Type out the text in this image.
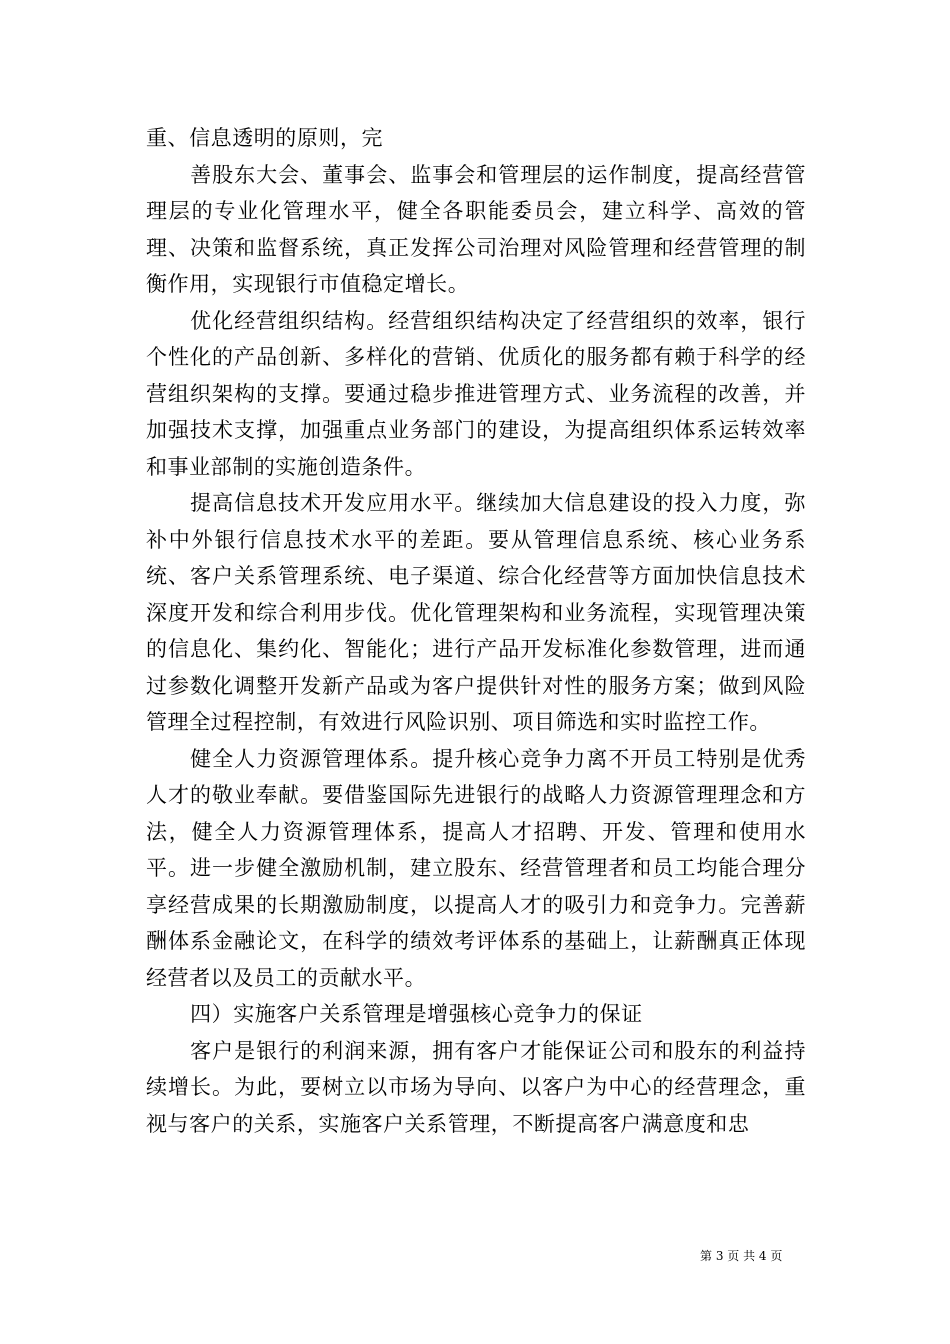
重、信息透明的原则，完

善股东大会、董事会、监事会和管理层的运作制度，提高经营管理层的专业化管理水平，健全各职能委员会，建立科学、高效的管理、决策和监督系统，真正发挥公司治理对风险管理和经营管理的制衡作用，实现银行市值稳定增长。

优化经营组织结构。经营组织结构决定了经营组织的效率，银行个性化的产品创新、多样化的营销、优质化的服务都有赖于科学的经营组织架构的支撑。要通过稳步推进管理方式、业务流程的改善，并加强技术支撑，加强重点业务部门的建设，为提高组织体系运转效率和事业部制的实施创造条件。

提高信息技术开发应用水平。继续加大信息建设的投入力度，弥补中外银行信息技术水平的差距。要从管理信息系统、核心业务系统、客户关系管理系统、电子渠道、综合化经营等方面加快信息技术深度开发和综合利用步伐。优化管理架构和业务流程，实现管理决策的信息化、集约化、智能化；进行产品开发标准化参数管理，进而通过参数化调整开发新产品或为客户提供针对性的服务方案；做到风险管理全过程控制，有效进行风险识别、项目筛选和实时监控工作。

健全人力资源管理体系。提升核心竞争力离不开员工特别是优秀人才的敬业奉献。要借鉴国际先进银行的战略人力资源管理理念和方法，健全人力资源管理体系，提高人才招聘、开发、管理和使用水平。进一步健全激励机制，建立股东、经营管理者和员工均能合理分享经营成果的长期激励制度，以提高人才的吸引力和竞争力。完善薪酬体系金融论文，在科学的绩效考评体系的基础上，让薪酬真正体现经营者以及员工的贡献水平。

四）实施客户关系管理是增强核心竞争力的保证

客户是银行的利润来源，拥有客户才能保证公司和股东的利益持续增长。为此，要树立以市场为导向、以客户为中心的经营理念，重视与客户的关系，实施客户关系管理，不断提高客户满意度和忠

第 3 页 共 4 页
